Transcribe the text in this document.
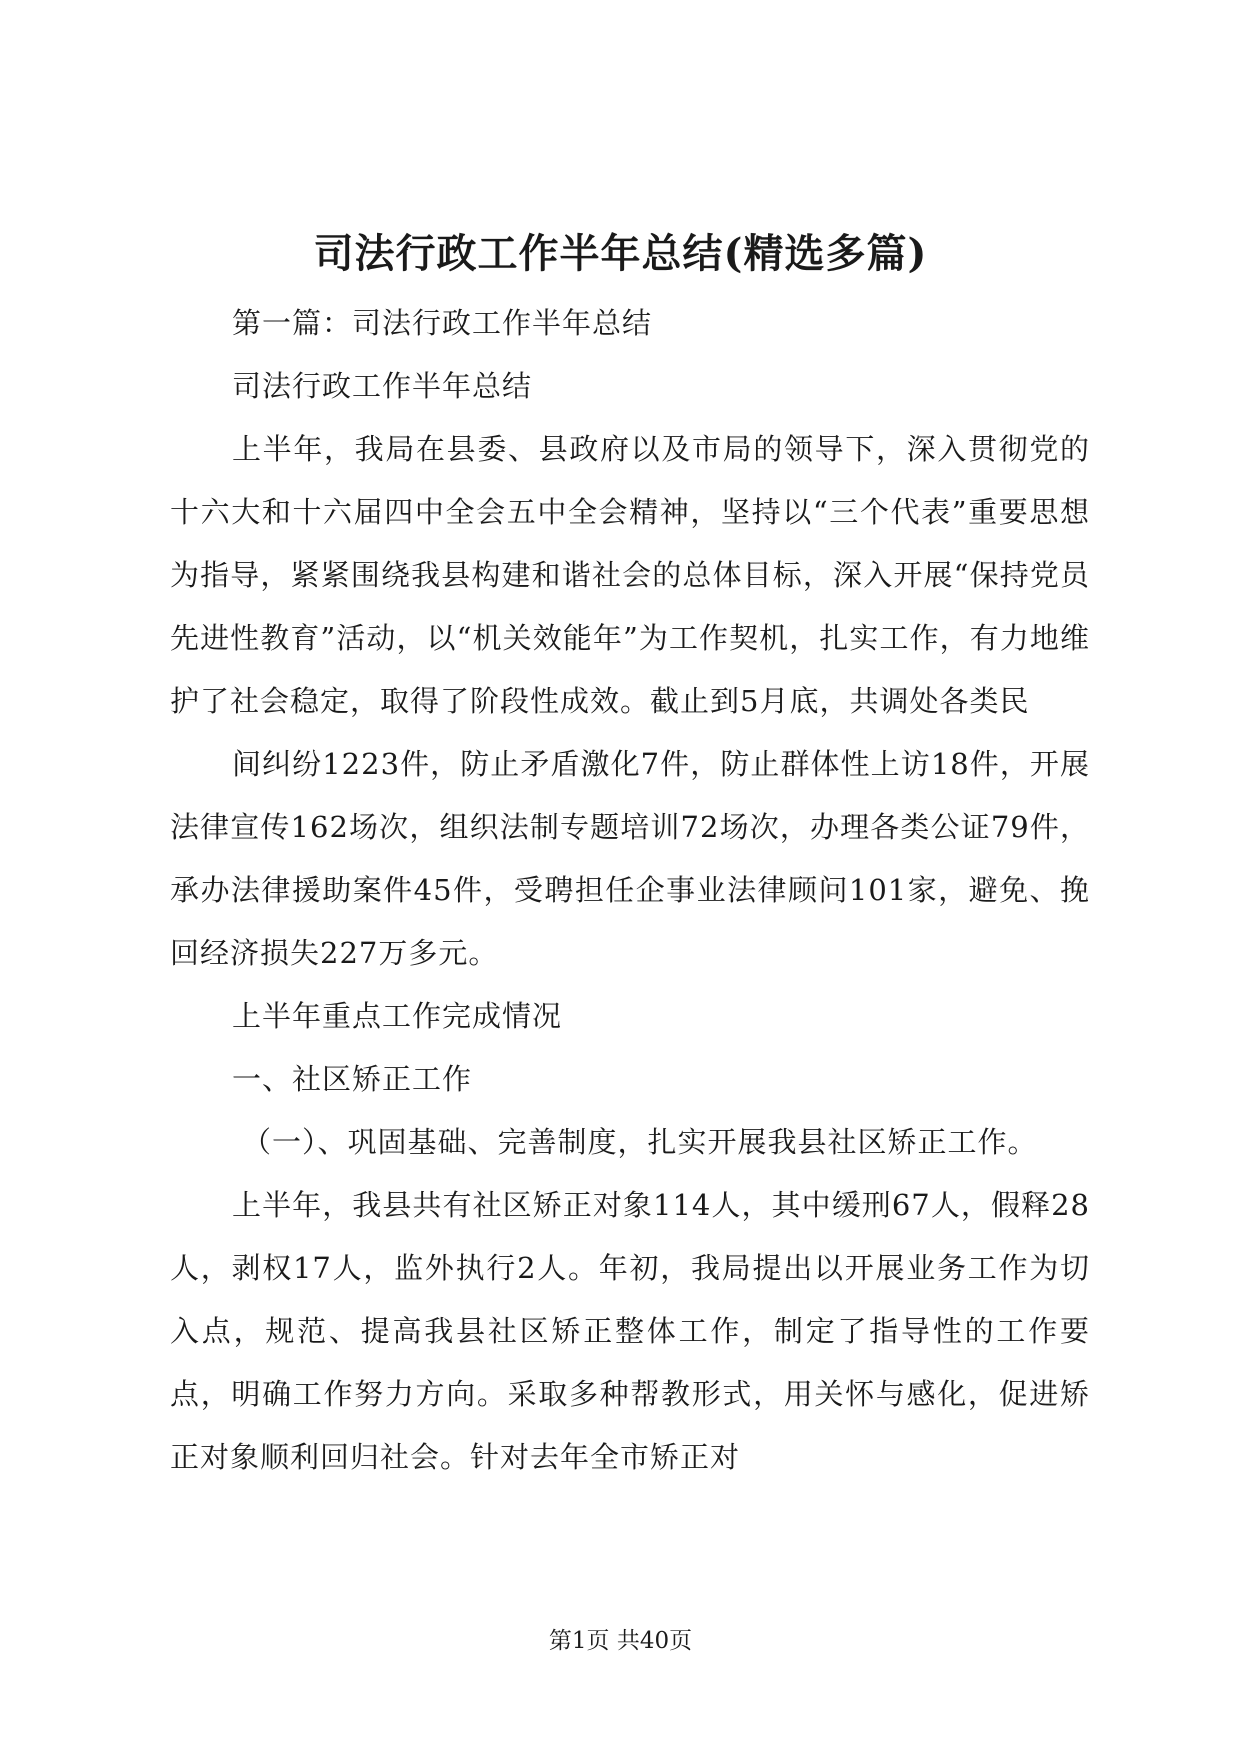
司法行政工作半年总结(精选多篇)

第一篇：司法行政工作半年总结

司法行政工作半年总结

上半年，我局在县委、县政府以及市局的领导下，深入贯彻党的十六大和十六届四中全会五中全会精神，坚持以“三个代表”重要思想为指导，紧紧围绕我县构建和谐社会的总体目标，深入开展“保持党员先进性教育”活动，以“机关效能年”为工作契机，扎实工作，有力地维护了社会稳定，取得了阶段性成效。截止到5月底，共调处各类民

间纠纷1223件，防止矛盾激化7件，防止群体性上访18件，开展法律宣传162场次，组织法制专题培训72场次，办理各类公证79件，承办法律援助案件45件，受聘担任企事业法律顾问101家，避免、挽回经济损失227万多元。

上半年重点工作完成情况

一、社区矫正工作

（一）、巩固基础、完善制度，扎实开展我县社区矫正工作。

上半年，我县共有社区矫正对象114人，其中缓刑67人，假释28人，剥权17人，监外执行2人。年初，我局提出以开展业务工作为切入点，规范、提高我县社区矫正整体工作，制定了指导性的工作要点，明确工作努力方向。采取多种帮教形式，用关怀与感化，促进矫正对象顺利回归社会。针对去年全市矫正对

第1页 共40页
